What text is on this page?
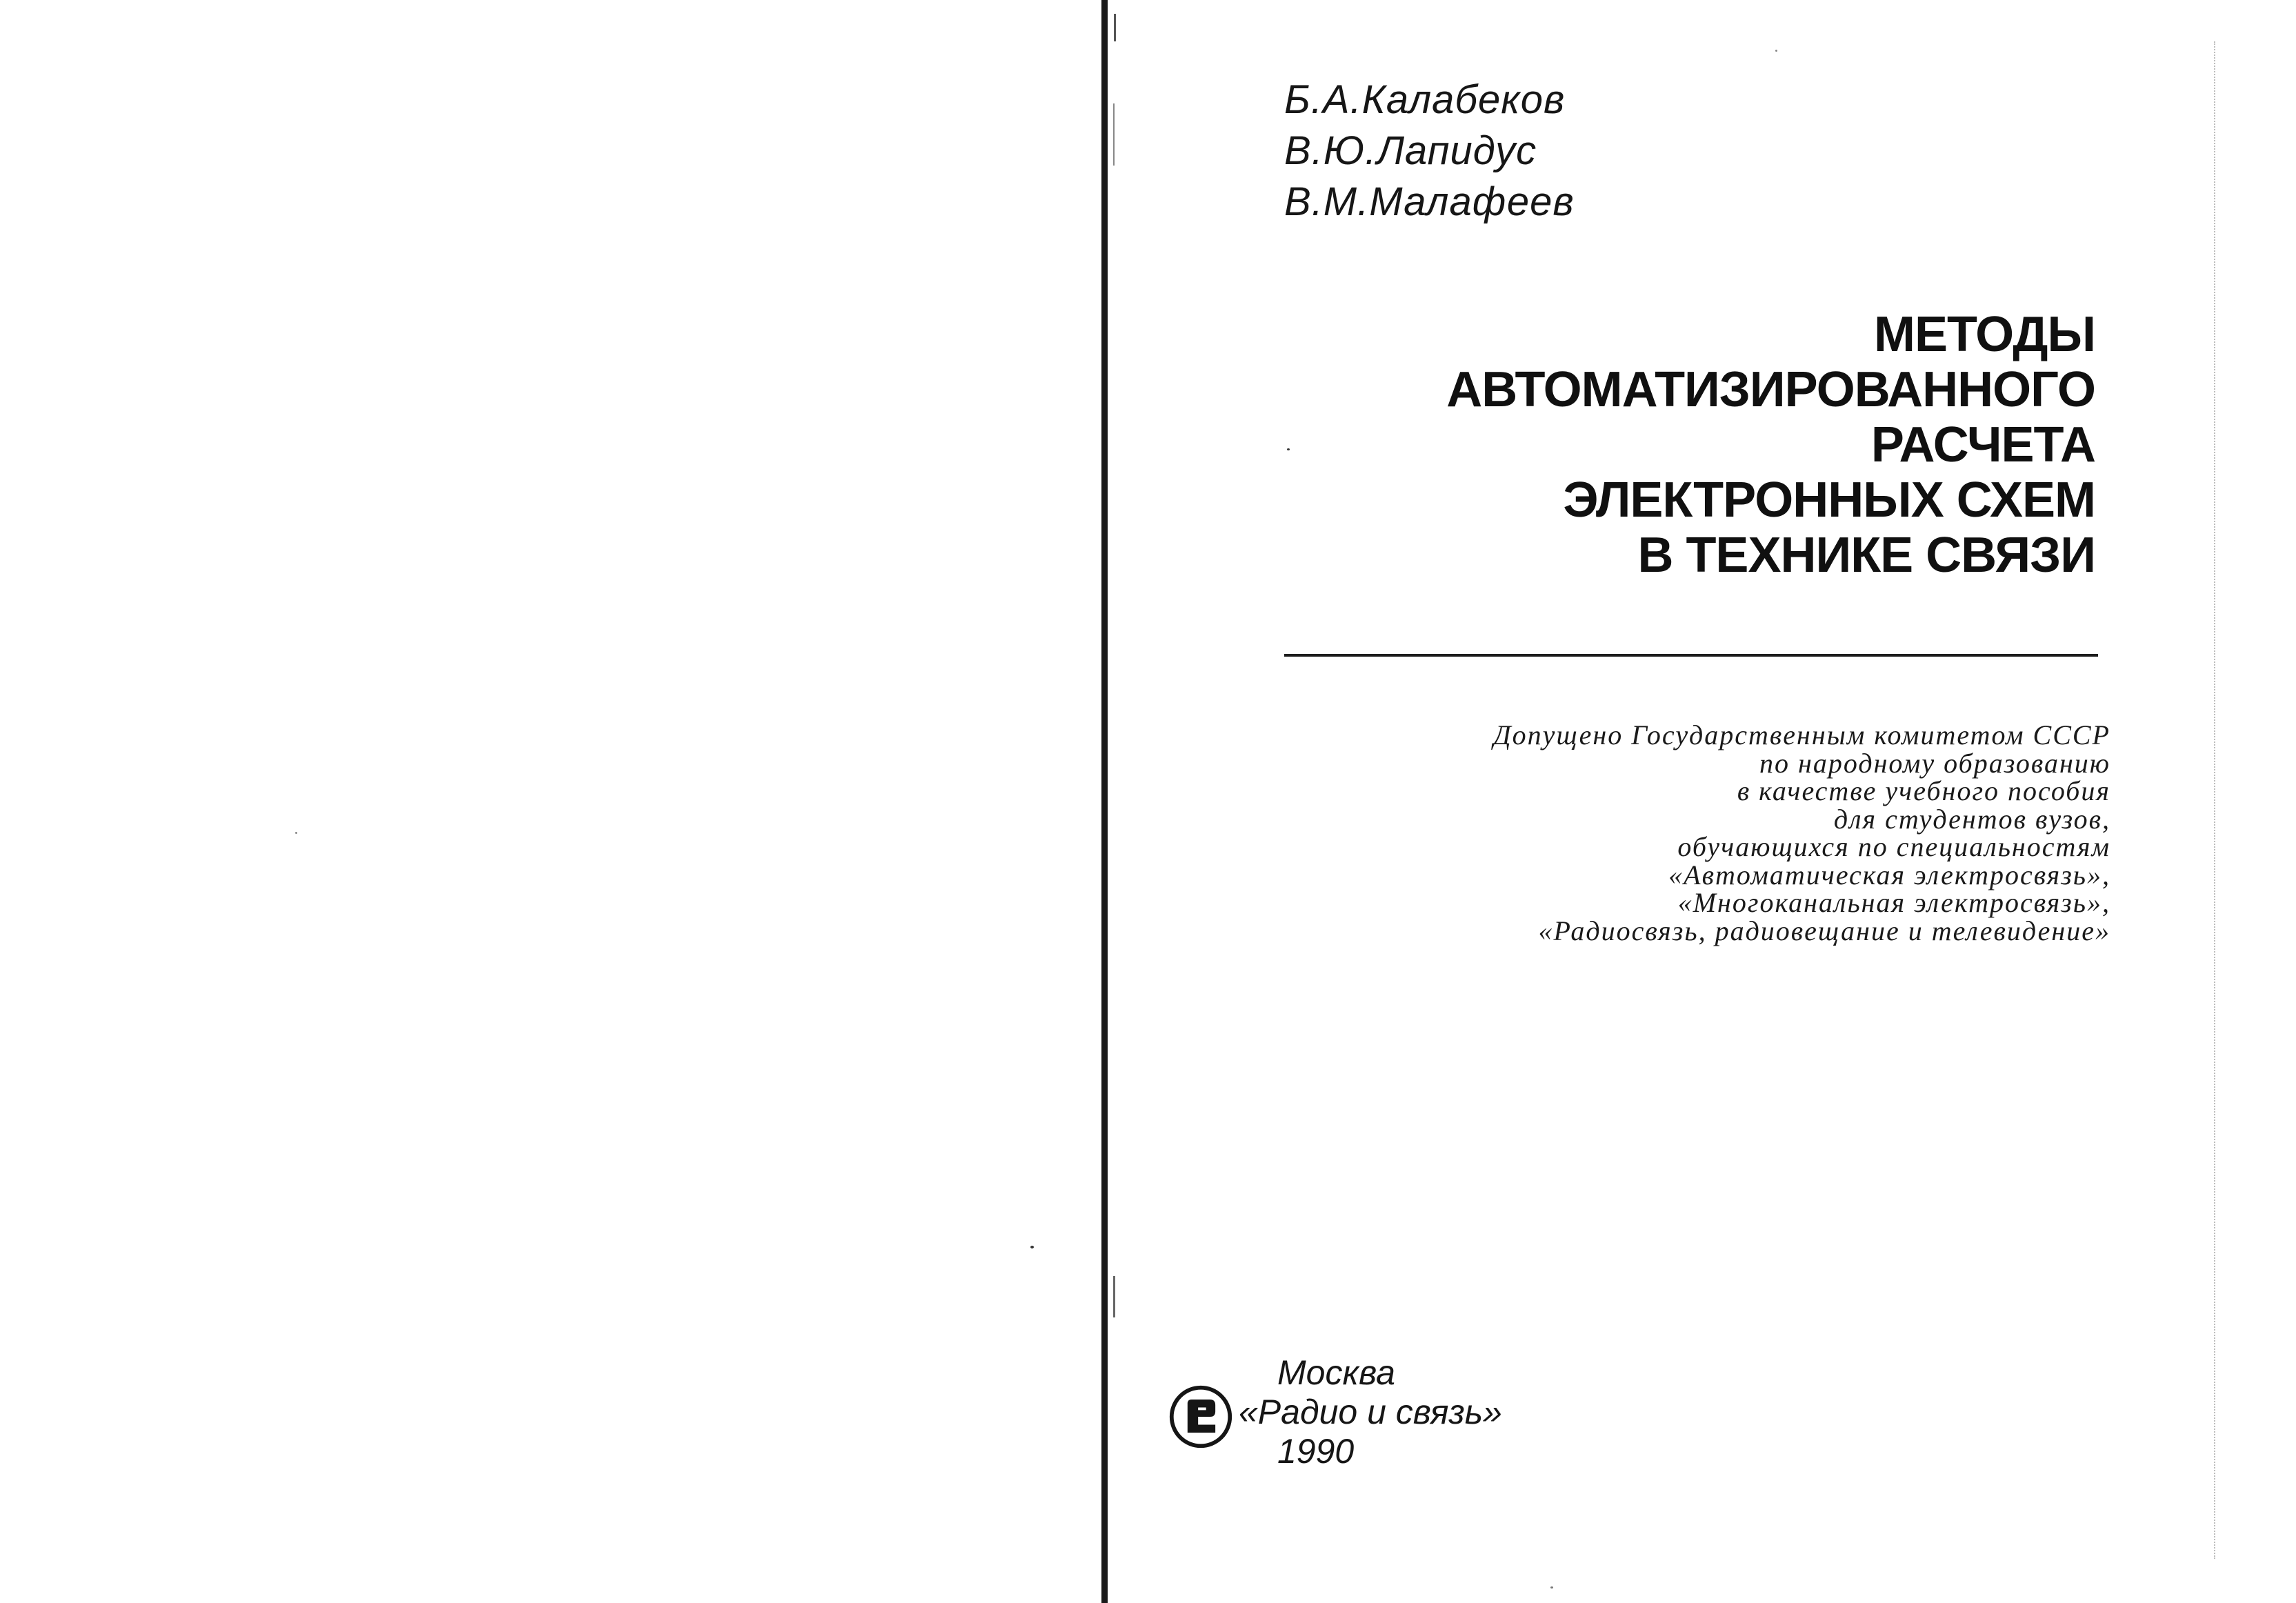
Б.А.Калабеков
В.Ю.Лапидус
В.М.Малафеев
МЕТОДЫ
АВТОМАТИЗИРОВАННОГО
РАСЧЕТА
ЭЛЕКТРОННЫХ СХЕМ
В ТЕХНИКЕ СВЯЗИ
Допущено Государственным комитетом СССР
по народному образованию
в качестве учебного пособия
для студентов вузов,
обучающихся по специальностям
«Автоматическая электросвязь»,
«Многоканальная электросвязь»,
«Радиосвязь, радиовещание и телевидение»
Москва
«Радио и связь»
1990
